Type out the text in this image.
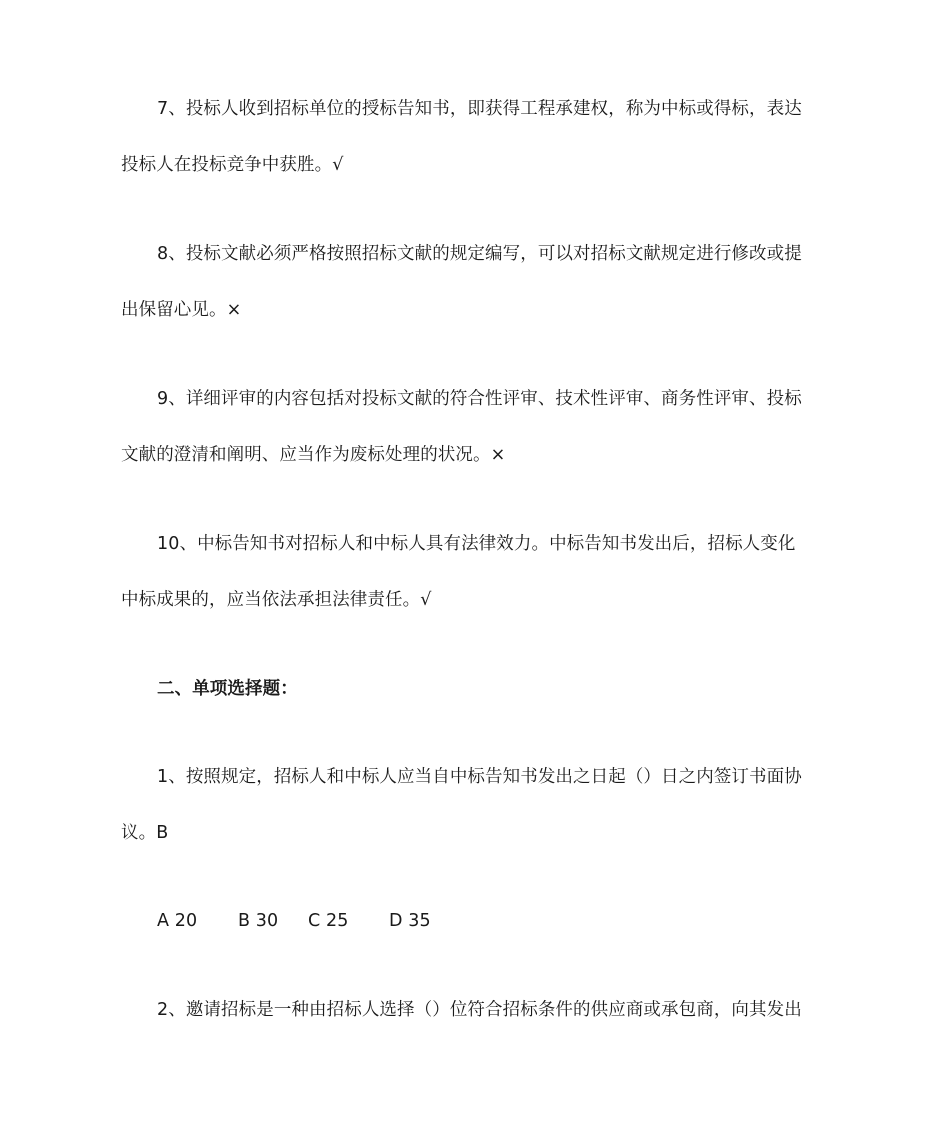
7、投标人收到招标单位的授标告知书，即获得工程承建权，称为中标或得标，表达
投标人在投标竞争中获胜。√
8、投标文献必须严格按照招标文献的规定编写，可以对招标文献规定进行修改或提
出保留心见。×
9、详细评审的内容包括对投标文献的符合性评审、技术性评审、商务性评审、投标
文献的澄清和阐明、应当作为废标处理的状况。×
10、中标告知书对招标人和中标人具有法律效力。中标告知书发出后，招标人变化
中标成果的，应当依法承担法律责任。√
二、单项选择题：
1、按照规定，招标人和中标人应当自中标告知书发出之日起（）日之内签订书面协
议。B
A 20 B 30 C 25 D 35
2、邀请招标是一种由招标人选择（）位符合招标条件的供应商或承包商，向其发出
